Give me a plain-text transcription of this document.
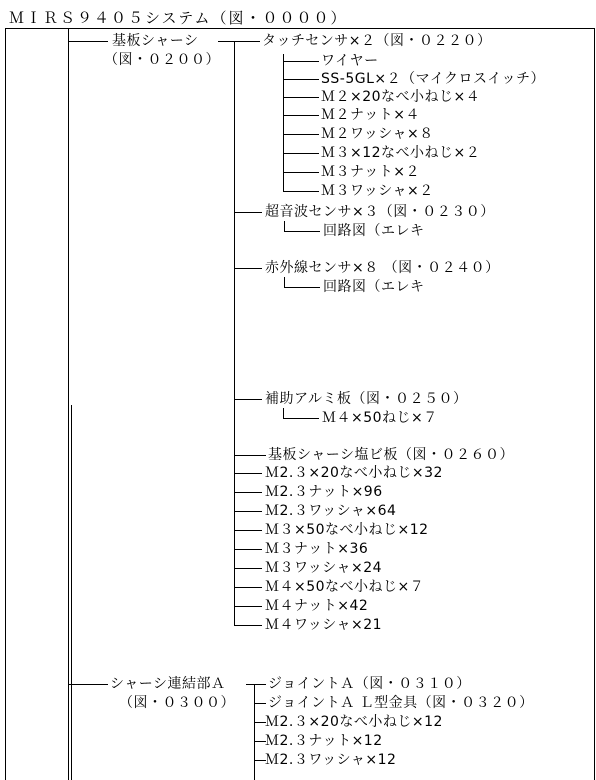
ＭＩＲＳ９４０５システム（図・００００）
基板シャーシ
（図・０２００）
タッチセンサ×２（図・０２２０）
ワイヤー
SS-5GL×２（マイクロスイッチ）
Ｍ２×20なべ小ねじ×４
Ｍ２ナット×４
Ｍ２ワッシャ×８
Ｍ３×12なべ小ねじ×２
Ｍ３ナット×２
Ｍ３ワッシャ×２
超音波センサ×３（図・０２３０）
回路図（エレキ
赤外線センサ×８ （図・０２４０）
回路図（エレキ
補助アルミ板（図・０２５０）
Ｍ４×50ねじ×７
基板シャーシ塩ビ板（図・０２６０）
Ｍ2.３×20なべ小ねじ×32
Ｍ2.３ナット×96
Ｍ2.３ワッシャ×64
Ｍ３×50なべ小ねじ×12
Ｍ３ナット×36
Ｍ３ワッシャ×24
Ｍ４×50なべ小ねじ×７
Ｍ４ナット×42
Ｍ４ワッシャ×21
シャーシ連結部Ａ
（図・０３００）
ジョイントＡ（図・０３１０）
ジョイントＡ Ｌ型金具（図・０３２０）
Ｍ2.３×20なべ小ねじ×12
Ｍ2.３ナット×12
Ｍ2.３ワッシャ×12
